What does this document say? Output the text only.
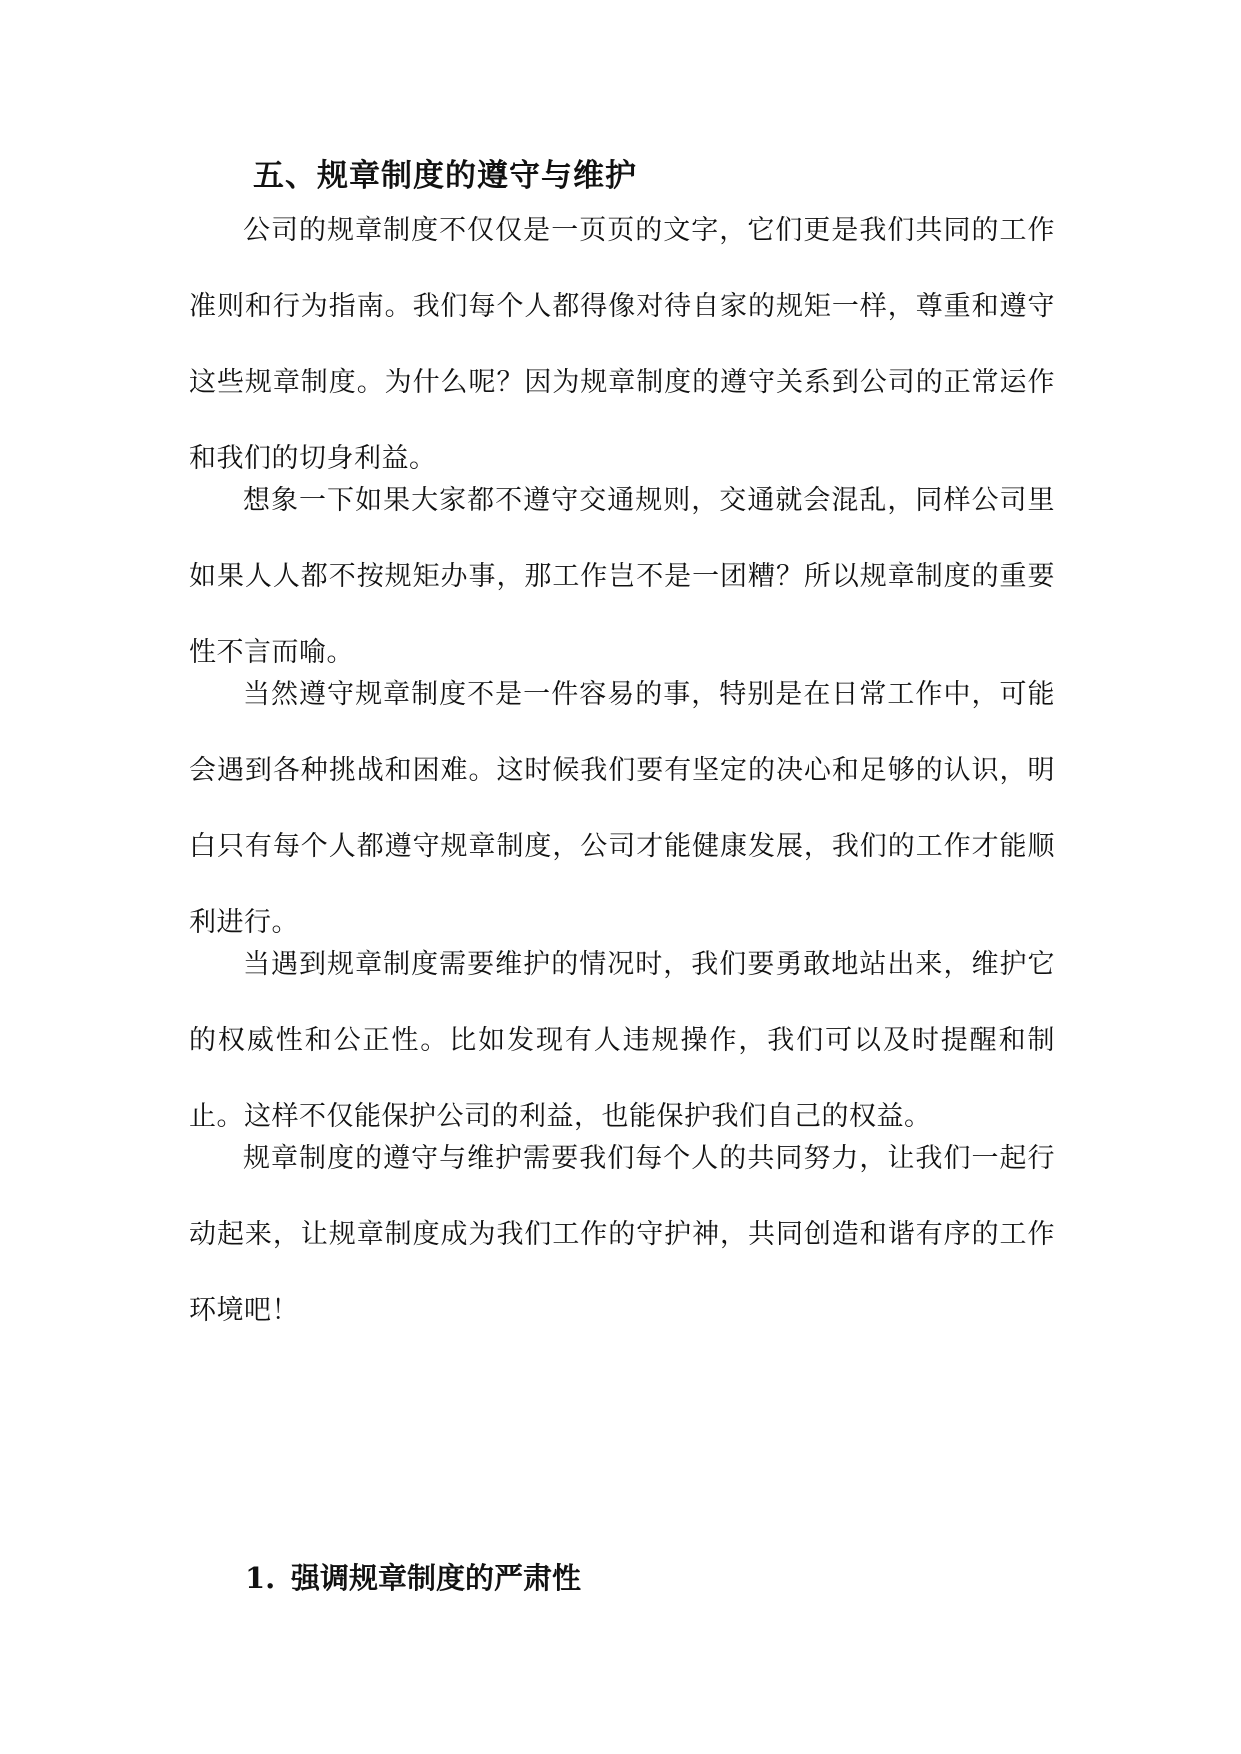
五、规章制度的遵守与维护

公司的规章制度不仅仅是一页页的文字，它们更是我们共同的工作准则和行为指南。我们每个人都得像对待自家的规矩一样，尊重和遵守这些规章制度。为什么呢？因为规章制度的遵守关系到公司的正常运作和我们的切身利益。

想象一下如果大家都不遵守交通规则，交通就会混乱，同样公司里如果人人都不按规矩办事，那工作岂不是一团糟？所以规章制度的重要性不言而喻。

当然遵守规章制度不是一件容易的事，特别是在日常工作中，可能会遇到各种挑战和困难。这时候我们要有坚定的决心和足够的认识，明白只有每个人都遵守规章制度，公司才能健康发展，我们的工作才能顺利进行。

当遇到规章制度需要维护的情况时，我们要勇敢地站出来，维护它的权威性和公正性。比如发现有人违规操作，我们可以及时提醒和制止。这样不仅能保护公司的利益，也能保护我们自己的权益。

规章制度的遵守与维护需要我们每个人的共同努力，让我们一起行动起来，让规章制度成为我们工作的守护神，共同创造和谐有序的工作环境吧！

1. 强调规章制度的严肃性
